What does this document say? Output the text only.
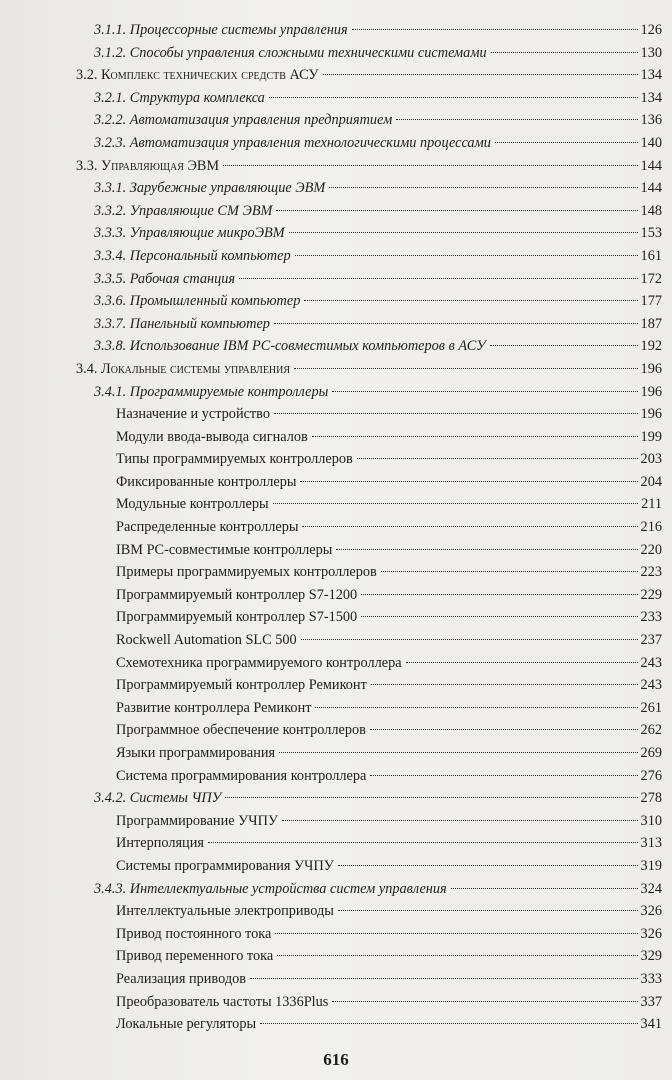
3.1.1. Процессорные системы управления	126
3.1.2. Способы управления сложными техническими системами	130
3.2. Комплекс технических средств АСУ	134
3.2.1. Структура комплекса	134
3.2.2. Автоматизация управления предприятием	136
3.2.3. Автоматизация управления технологическими процессами	140
3.3. Управляющая ЭВМ	144
3.3.1. Зарубежные управляющие ЭВМ	144
3.3.2. Управляющие СМ ЭВМ	148
3.3.3. Управляющие микроЭВМ	153
3.3.4. Персональный компьютер	161
3.3.5. Рабочая станция	172
3.3.6. Промышленный компьютер	177
3.3.7. Панельный компьютер	187
3.3.8. Использование IBM PC-совместимых компьютеров в АСУ	192
3.4. Локальные системы управления	196
3.4.1. Программируемые контроллеры	196
Назначение и устройство	196
Модули ввода-вывода сигналов	199
Типы программируемых контроллеров	203
Фиксированные контроллеры	204
Модульные контроллеры	211
Распределенные контроллеры	216
IBM PC-совместимые контроллеры	220
Примеры программируемых контроллеров	223
Программируемый контроллер S7-1200	229
Программируемый контроллер S7-1500	233
Rockwell Automation SLC 500	237
Схемотехника программируемого контроллера	243
Программируемый контроллер Ремиконт	243
Развитие контроллера Ремиконт	261
Программное обеспечение контроллеров	262
Языки программирования	269
Система программирования контроллера	276
3.4.2. Системы ЧПУ	278
Программирование УЧПУ	310
Интерполяция	313
Системы программирования УЧПУ	319
3.4.3. Интеллектуальные устройства систем управления	324
Интеллектуальные электроприводы	326
Привод постоянного тока	326
Привод переменного тока	329
Реализация приводов	333
Преобразователь частоты 1336Plus	337
Локальные регуляторы	341
616
